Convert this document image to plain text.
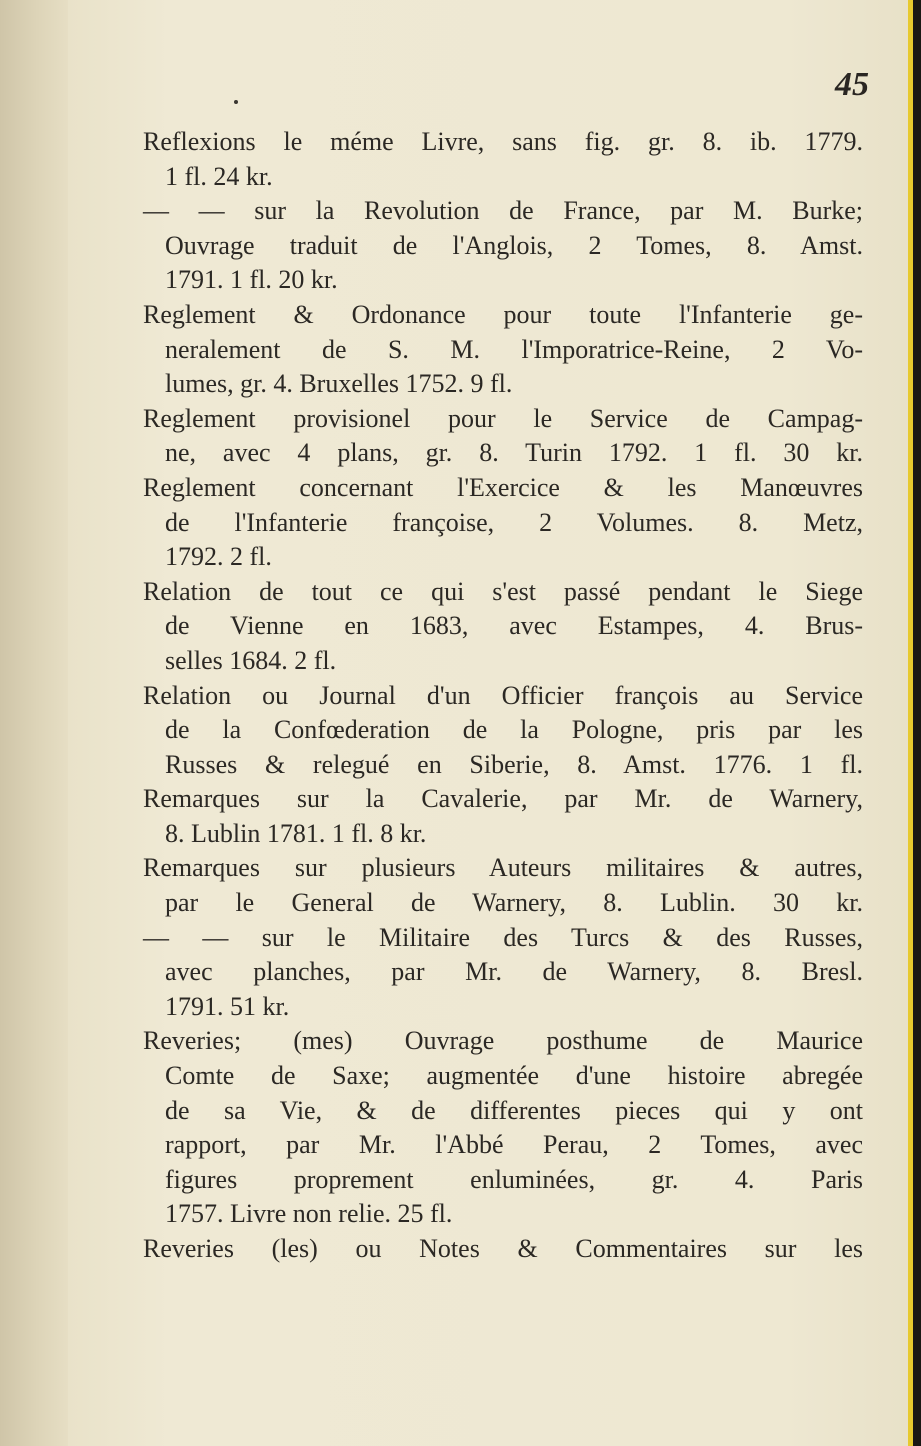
45
Reflexions le méme Livre, sans fig. gr. 8. ib. 1779.
1 fl. 24 kr.
— — sur la Revolution de France, par M. Burke;
Ouvrage traduit de l'Anglois, 2 Tomes, 8. Amst.
1791. 1 fl. 20 kr.
Reglement & Ordonance pour toute l'Infanterie ge-
neralement de S. M. l'Imporatrice-Reine, 2 Vo-
lumes, gr. 4. Bruxelles 1752. 9 fl.
Reglement provisionel pour le Service de Campag-
ne, avec 4 plans, gr. 8. Turin 1792. 1 fl. 30 kr.
Reglement concernant l'Exercice & les Manœuvres
de l'Infanterie françoise, 2 Volumes. 8. Metz,
1792. 2 fl.
Relation de tout ce qui s'est passé pendant le Siege
de Vienne en 1683, avec Estampes, 4. Brus-
selles 1684. 2 fl.
Relation ou Journal d'un Officier françois au Service
de la Confœderation de la Pologne, pris par les
Russes & relegué en Siberie, 8. Amst. 1776. 1 fl.
Remarques sur la Cavalerie, par Mr. de Warnery,
8. Lublin 1781. 1 fl. 8 kr.
Remarques sur plusieurs Auteurs militaires & autres,
par le General de Warnery, 8. Lublin. 30 kr.
— — sur le Militaire des Turcs & des Russes,
avec planches, par Mr. de Warnery, 8. Bresl.
1791. 51 kr.
Reveries; (mes) Ouvrage posthume de Maurice
Comte de Saxe; augmentée d'une histoire abregée
de sa Vie, & de differentes pieces qui y ont
rapport, par Mr. l'Abbé Perau, 2 Tomes, avec
figures proprement enluminées, gr. 4. Paris
1757. Livre non relie. 25 fl.
Reveries (les) ou Notes & Commentaires sur les
